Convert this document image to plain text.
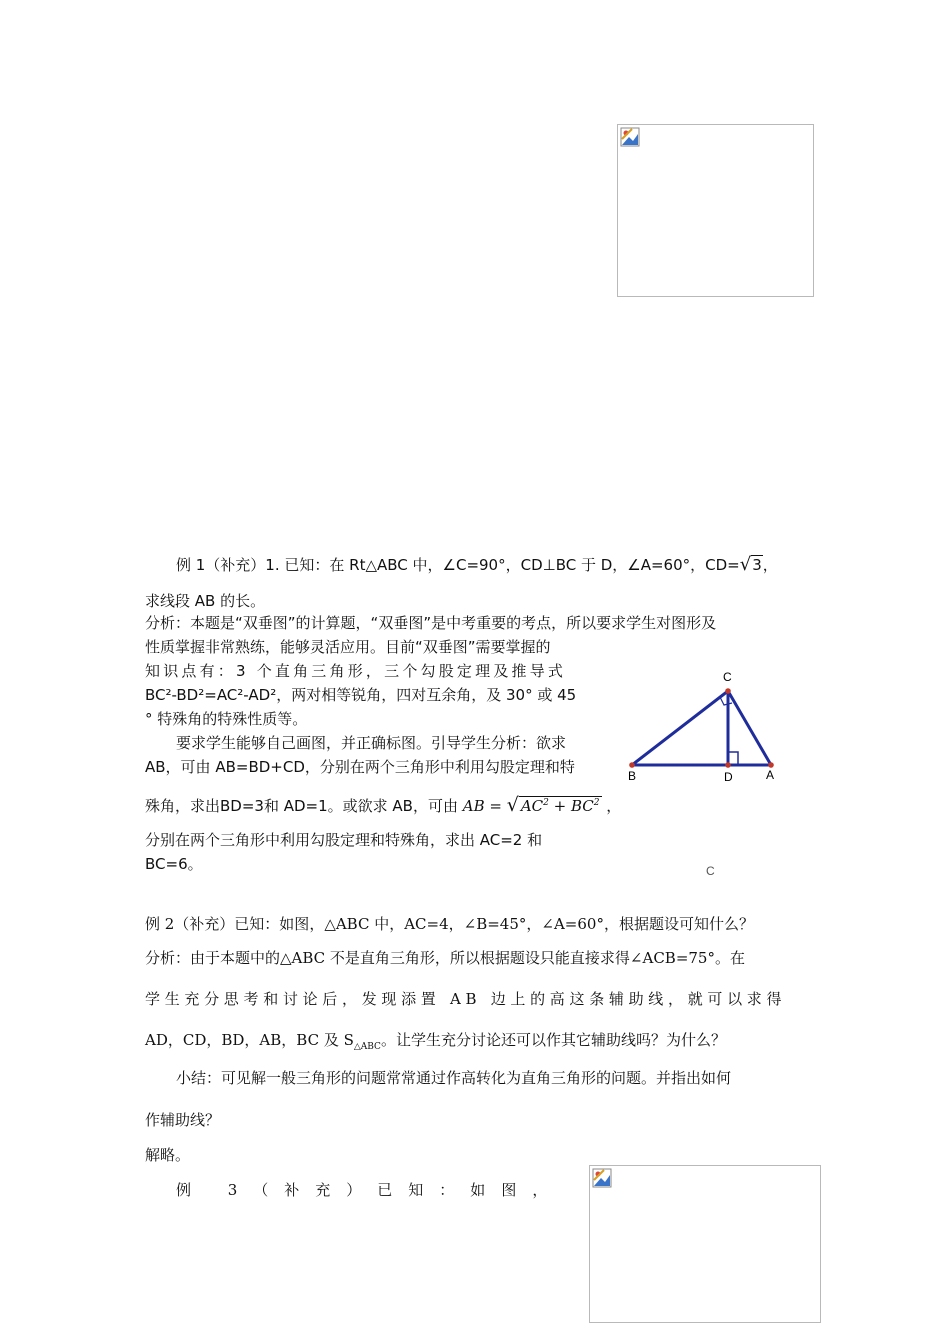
例 1（补充）1. 已知：在 Rt△ABC 中，∠C=90°，CD⊥BC 于 D，∠A=60°，CD=√3，
求线段 AB 的长。
分析：本题是“双垂图”的计算题，“双垂图”是中考重要的考点，所以要求学生对图形及
性质掌握非常熟练，能够灵活应用。目前“双垂图”需要掌握的
知识点有：3 个直角三角形，三个勾股定理及推导式
BC²-BD²=AC²-AD²，两对相等锐角，四对互余角，及 30° 或 45
° 特殊角的特殊性质等。
要求学生能够自己画图，并正确标图。引导学生分析：欲求
AB，可由 AB=BD+CD，分别在两个三角形中利用勾股定理和特
殊角，求出BD=3和 AD=1。或欲求 AB，可由 AB = √ $AC^2 + BC^2$ ，
分别在两个三角形中利用勾股定理和特殊角，求出 AC=2 和
BC=6。
C
B	D	A
C
例 2（补充）已知：如图，△ABC 中，AC=4，∠B=45°，∠A=60°，根据题设可知什么？
分析：由于本题中的△ABC 不是直角三角形，所以根据题设只能直接求得∠ACB=75°。在
学生充分思考和讨论后，发现添置 AB 边上的高这条辅助线，就可以求得
AD，CD，BD，AB，BC 及 $S_{\triangle ABC}$。让学生充分讨论还可以作其它辅助线吗？为什么？
小结：可见解一般三角形的问题常常通过作高转化为直角三角形的问题。并指出如何
作辅助线？
解略。
例 3（补充）已知：如图，
